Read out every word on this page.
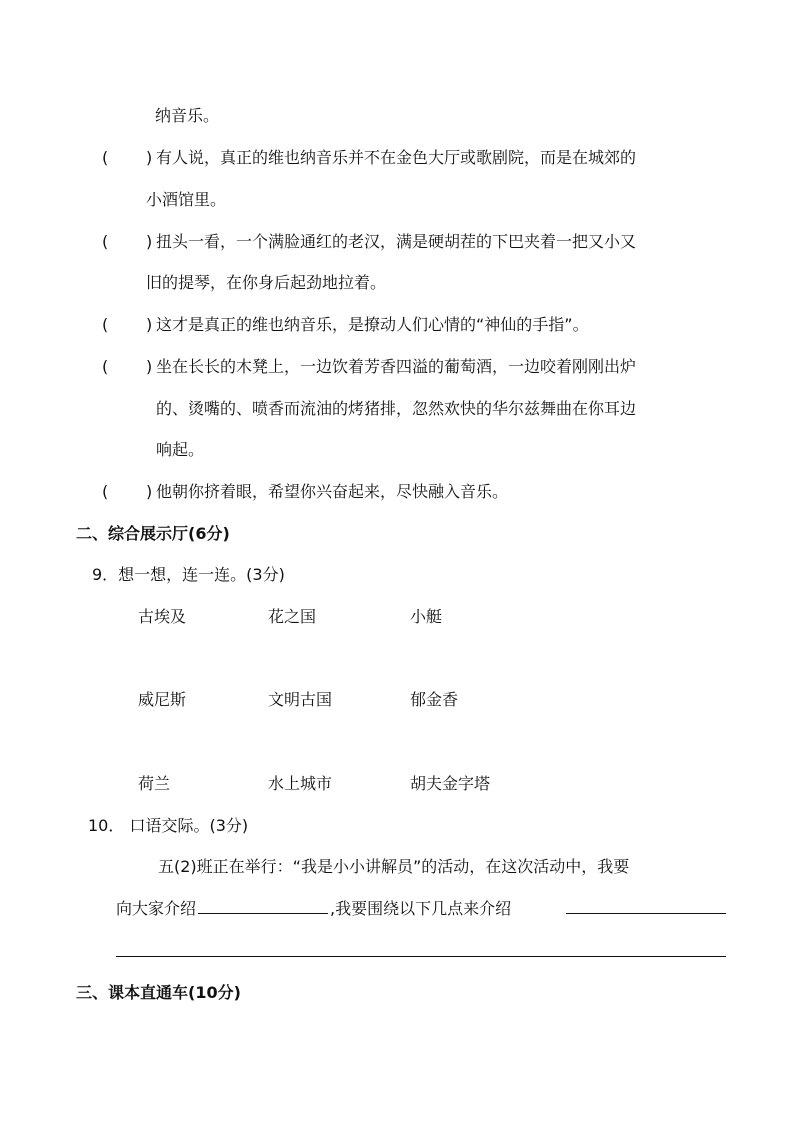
纳音乐。
( ) 有人说，真正的维也纳音乐并不在金色大厅或歌剧院，而是在城郊的
小酒馆里。
( ) 扭头一看，一个满脸通红的老汉，满是硬胡茬的下巴夹着一把又小又
旧的提琴，在你身后起劲地拉着。
( ) 这才是真正的维也纳音乐，是撩动人们心情的“神仙的手指”。
( ) 坐在长长的木凳上，一边饮着芳香四溢的葡萄酒，一边咬着刚刚出炉
的、烫嘴的、喷香而流油的烤猪排，忽然欢快的华尔兹舞曲在你耳边
响起。
( ) 他朝你挤着眼，希望你兴奋起来，尽快融入音乐。
二、综合展示厅(6分)
9．想一想，连一连。(3分)
古埃及	花之国	小艇
威尼斯	文明古国	郁金香
荷兰	水上城市	胡夫金字塔
10． 口语交际。(3分)
五(2)班正在举行：“我是小小讲解员”的活动，在这次活动中，我要
向大家介绍	,我要围绕以下几点来介绍
三、课本直通车(10分)
